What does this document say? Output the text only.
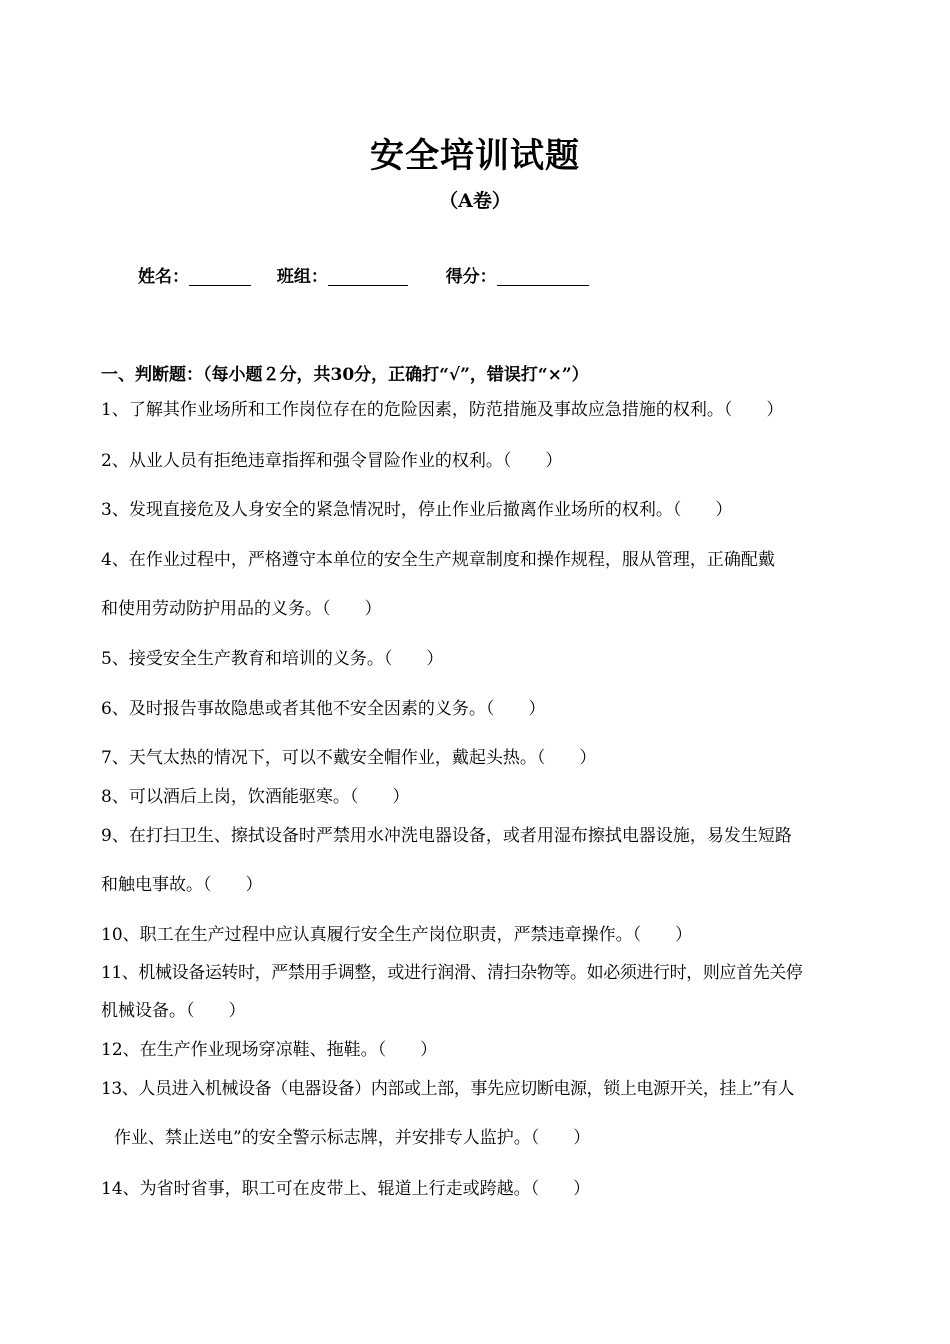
安全培训试题
（A卷）
姓名：	班组：	得分：
一、判断题：（每小题２分，共30分，正确打“√”，错误打“×”）
1、了解其作业场所和工作岗位存在的危险因素，防范措施及事故应急措施的权利。（　　）
2、从业人员有拒绝违章指挥和强令冒险作业的权利。（　　）
3、发现直接危及人身安全的紧急情况时，停止作业后撤离作业场所的权利。（　　）
4、在作业过程中，严格遵守本单位的安全生产规章制度和操作规程，服从管理，正确配戴
和使用劳动防护用品的义务。（　　）
5、接受安全生产教育和培训的义务。（　　）
6、及时报告事故隐患或者其他不安全因素的义务。（　　）
7、天气太热的情况下，可以不戴安全帽作业，戴起头热。（　　）
8、可以酒后上岗，饮酒能驱寒。（　　）
9、在打扫卫生、擦拭设备时严禁用水冲洗电器设备，或者用湿布擦拭电器设施，易发生短路
和触电事故。（　　）
10、职工在生产过程中应认真履行安全生产岗位职责，严禁违章操作。（　　）
11、机械设备运转时，严禁用手调整，或进行润滑、清扫杂物等。如必须进行时，则应首先关停
机械设备。（　　）
12、在生产作业现场穿凉鞋、拖鞋。（　　）
13、人员进入机械设备（电器设备）内部或上部，事先应切断电源，锁上电源开关，挂上”有人
作业、禁止送电”的安全警示标志牌，并安排专人监护。（　　）
14、为省时省事，职工可在皮带上、辊道上行走或跨越。（　　）
